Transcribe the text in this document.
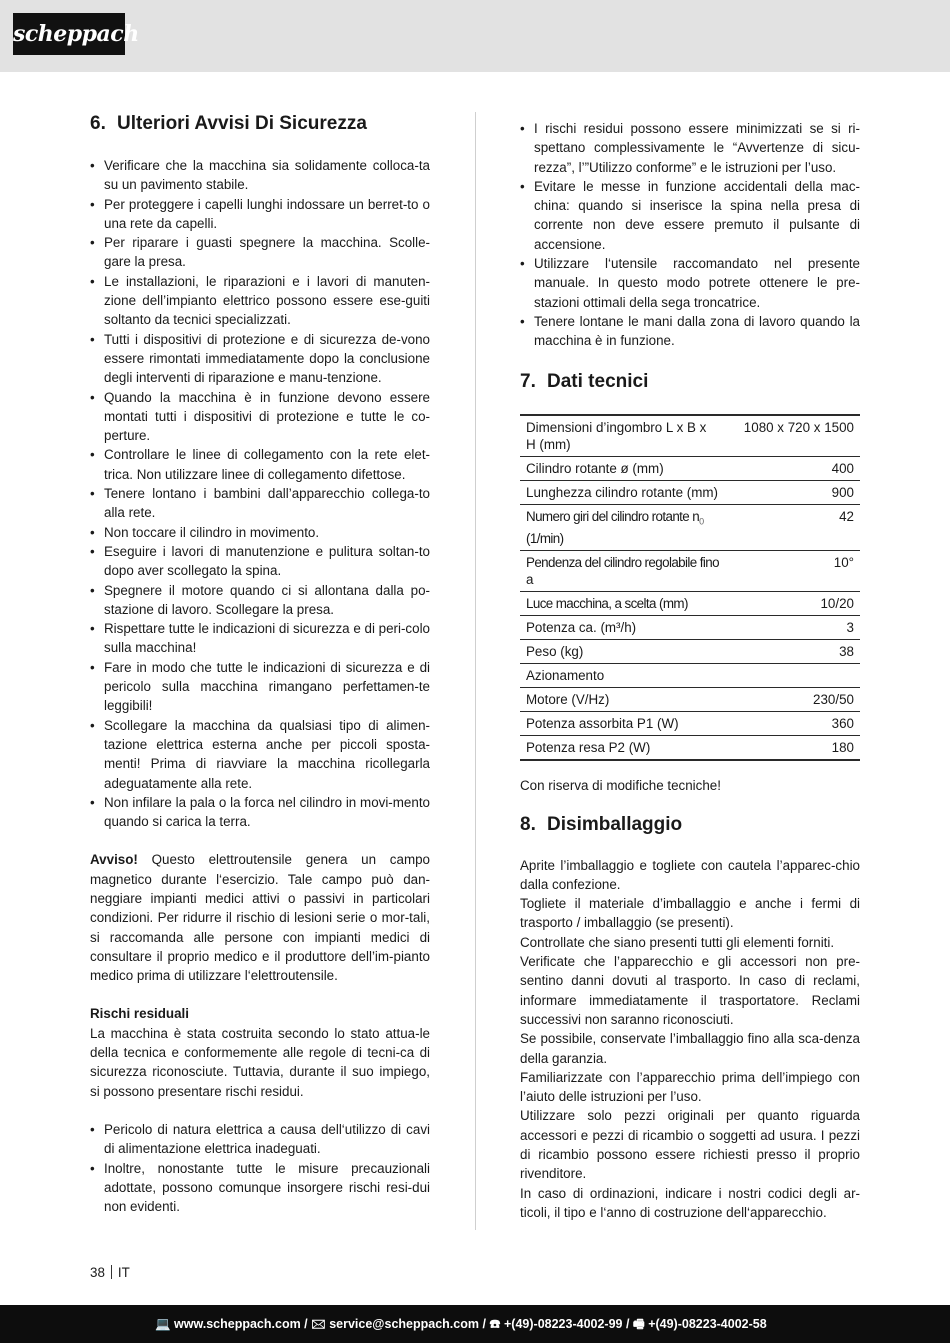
scheppach
6. Ulteriori Avvisi Di Sicurezza
• Verificare che la macchina sia solidamente colloca-ta su un pavimento stabile.
• Per proteggere i capelli lunghi indossare un berret-to o una rete da capelli.
• Per riparare i guasti spegnere la macchina. Scolle-gare la presa.
• Le installazioni, le riparazioni e i lavori di manuten-zione dell’impianto elettrico possono essere ese-guiti soltanto da tecnici specializzati.
• Tutti i dispositivi di protezione e di sicurezza de-vono essere rimontati immediatamente dopo la conclusione degli interventi di riparazione e manu-tenzione.
• Quando la macchina è in funzione devono essere montati tutti i dispositivi di protezione e tutte le co-perture.
• Controllare le linee di collegamento con la rete elet-trica. Non utilizzare linee di collegamento difettose.
• Tenere lontano i bambini dall’apparecchio collega-to alla rete.
• Non toccare il cilindro in movimento.
• Eseguire i lavori di manutenzione e pulitura soltan-to dopo aver scollegato la spina.
• Spegnere il motore quando ci si allontana dalla po-stazione di lavoro. Scollegare la presa.
• Rispettare tutte le indicazioni di sicurezza e di peri-colo sulla macchina!
• Fare in modo che tutte le indicazioni di sicurezza e di pericolo sulla macchina rimangano perfettamen-te leggibili!
• Scollegare la macchina da qualsiasi tipo di alimen-tazione elettrica esterna anche per piccoli sposta-menti! Prima di riavviare la macchina ricollegarla adeguatamente alla rete.
• Non infilare la pala o la forca nel cilindro in movi-mento quando si carica la terra.

Avviso! Questo elettroutensile genera un campo magnetico durante l‘esercizio. Tale campo può dan-neggiare impianti medici attivi o passivi in particolari condizioni. Per ridurre il rischio di lesioni serie o mor-tali, si raccomanda alle persone con impianti medici di consultare il proprio medico e il produttore dell’im-pianto medico prima di utilizzare l‘elettroutensile.

Rischi residuali

La macchina è stata costruita secondo lo stato attua-le della tecnica e conformemente alle regole di tecni-ca di sicurezza riconosciute. Tuttavia, durante il suo impiego, si possono presentare rischi residui.

• Pericolo di natura elettrica a causa dell‘utilizzo di cavi di alimentazione elettrica inadeguati.
• Inoltre, nonostante tutte le misure precauzionali adottate, possono comunque insorgere rischi resi-dui non evidenti.
• I rischi residui possono essere minimizzati se si ri-spettano complessivamente le “Avvertenze di sicu-rezza”, l’”Utilizzo conforme” e le istruzioni per l’uso.
• Evitare le messe in funzione accidentali della mac-china: quando si inserisce la spina nella presa di corrente non deve essere premuto il pulsante di accensione.
• Utilizzare l‘utensile raccomandato nel presente manuale. In questo modo potrete ottenere le pre-stazioni ottimali della sega troncatrice.
• Tenere lontane le mani dalla zona di lavoro quando la macchina è in funzione.
7. Dati tecnici
Dimensioni d’ingombro L x B x H (mm)	1080 x 720 x 1500
Cilindro rotante ø (mm)	400
Lunghezza cilindro rotante (mm)	900
Numero giri del cilindro rotante $n_0$
(1/min)	42
Pendenza del cilindro regolabile fino a	10°
Luce macchina, a scelta (mm)	10/20
Potenza ca. (m³/h)	3
Peso (kg)	38
Azionamento	
Motore (V/Hz)	230/50
Potenza assorbita P1 (W)	360
Potenza resa P2 (W)	180

Con riserva di modifiche tecniche!

8. Disimballaggio

Aprite l’imballaggio e togliete con cautela l’apparec-chio dalla confezione.

Togliete il materiale d’imballaggio e anche i fermi di trasporto / imballaggio (se presenti).

Controllate che siano presenti tutti gli elementi forniti.

Verificate che l’apparecchio e gli accessori non pre-sentino danni dovuti al trasporto. In caso di reclami, informare immediatamente il trasportatore. Reclami successivi non saranno riconosciuti.

Se possibile, conservate l’imballaggio fino alla sca-denza della garanzia.

Familiarizzate con l’apparecchio prima dell’impiego con l’aiuto delle istruzioni per l’uso.

Utilizzare solo pezzi originali per quanto riguarda accessori e pezzi di ricambio o soggetti ad usura. I pezzi di ricambio possono essere richiesti presso il proprio rivenditore.

In caso di ordinazioni, indicare i nostri codici degli ar-ticoli, il tipo e l‘anno di costruzione dell‘apparecchio.

38 IT
💻 www.scheppach.com / 🖂 service@scheppach.com / ☎ +(49)-08223-4002-99 / 🖷 +(49)-08223-4002-58
